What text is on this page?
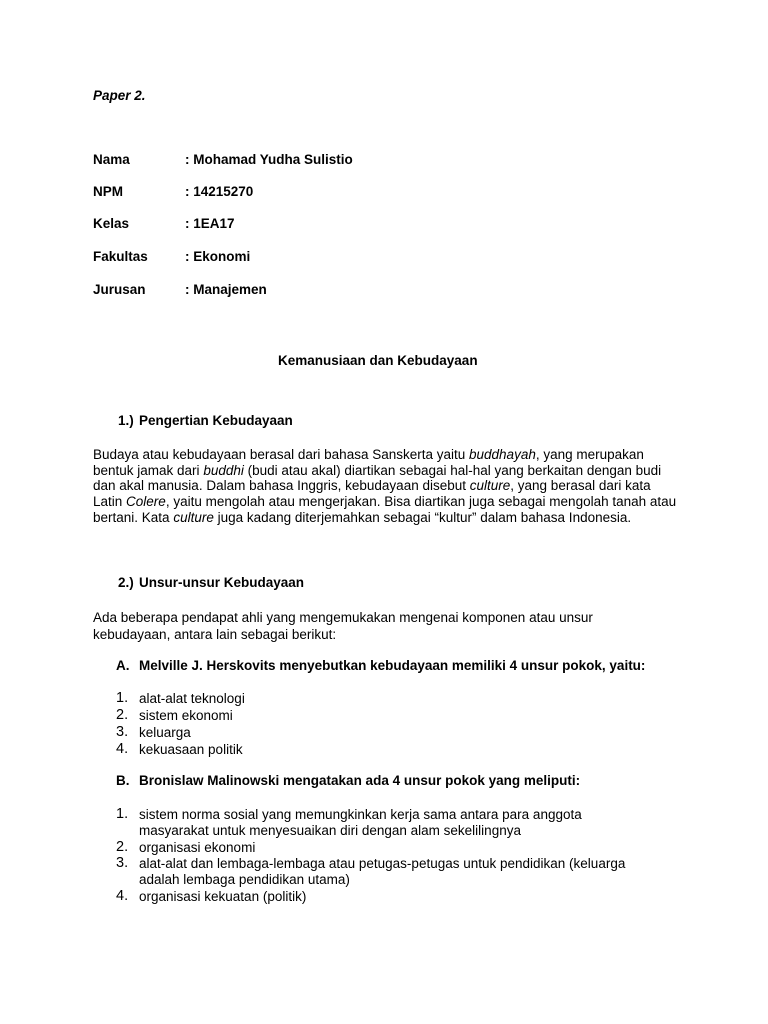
Paper 2.
Nama	: Mohamad Yudha Sulistio
NPM	: 14215270
Kelas	: 1EA17
Fakultas	: Ekonomi
Jurusan	: Manajemen
Kemanusiaan dan Kebudayaan
1.) Pengertian Kebudayaan

Budaya atau kebudayaan berasal dari bahasa Sanskerta yaitu buddhayah, yang merupakan bentuk jamak dari buddhi (budi atau akal) diartikan sebagai hal-hal yang berkaitan dengan budi dan akal manusia. Dalam bahasa Inggris, kebudayaan disebut culture, yang berasal dari kata Latin Colere, yaitu mengolah atau mengerjakan. Bisa diartikan juga sebagai mengolah tanah atau bertani. Kata culture juga kadang diterjemahkan sebagai “kultur” dalam bahasa Indonesia.

2.) Unsur-unsur Kebudayaan
Ada beberapa pendapat ahli yang mengemukakan mengenai komponen atau unsur kebudayaan, antara lain sebagai berikut:
A. Melville J. Herskovits menyebutkan kebudayaan memiliki 4 unsur pokok, yaitu:
1. alat-alat teknologi
2. sistem ekonomi
3. keluarga
4. kekuasaan politik
B. Bronislaw Malinowski mengatakan ada 4 unsur pokok yang meliputi:
1. sistem norma sosial yang memungkinkan kerja sama antara para anggota
masyarakat untuk menyesuaikan diri dengan alam sekelilingnya
2. organisasi ekonomi
3. alat-alat dan lembaga-lembaga atau petugas-petugas untuk pendidikan (keluarga
adalah lembaga pendidikan utama)
4. organisasi kekuatan (politik)
